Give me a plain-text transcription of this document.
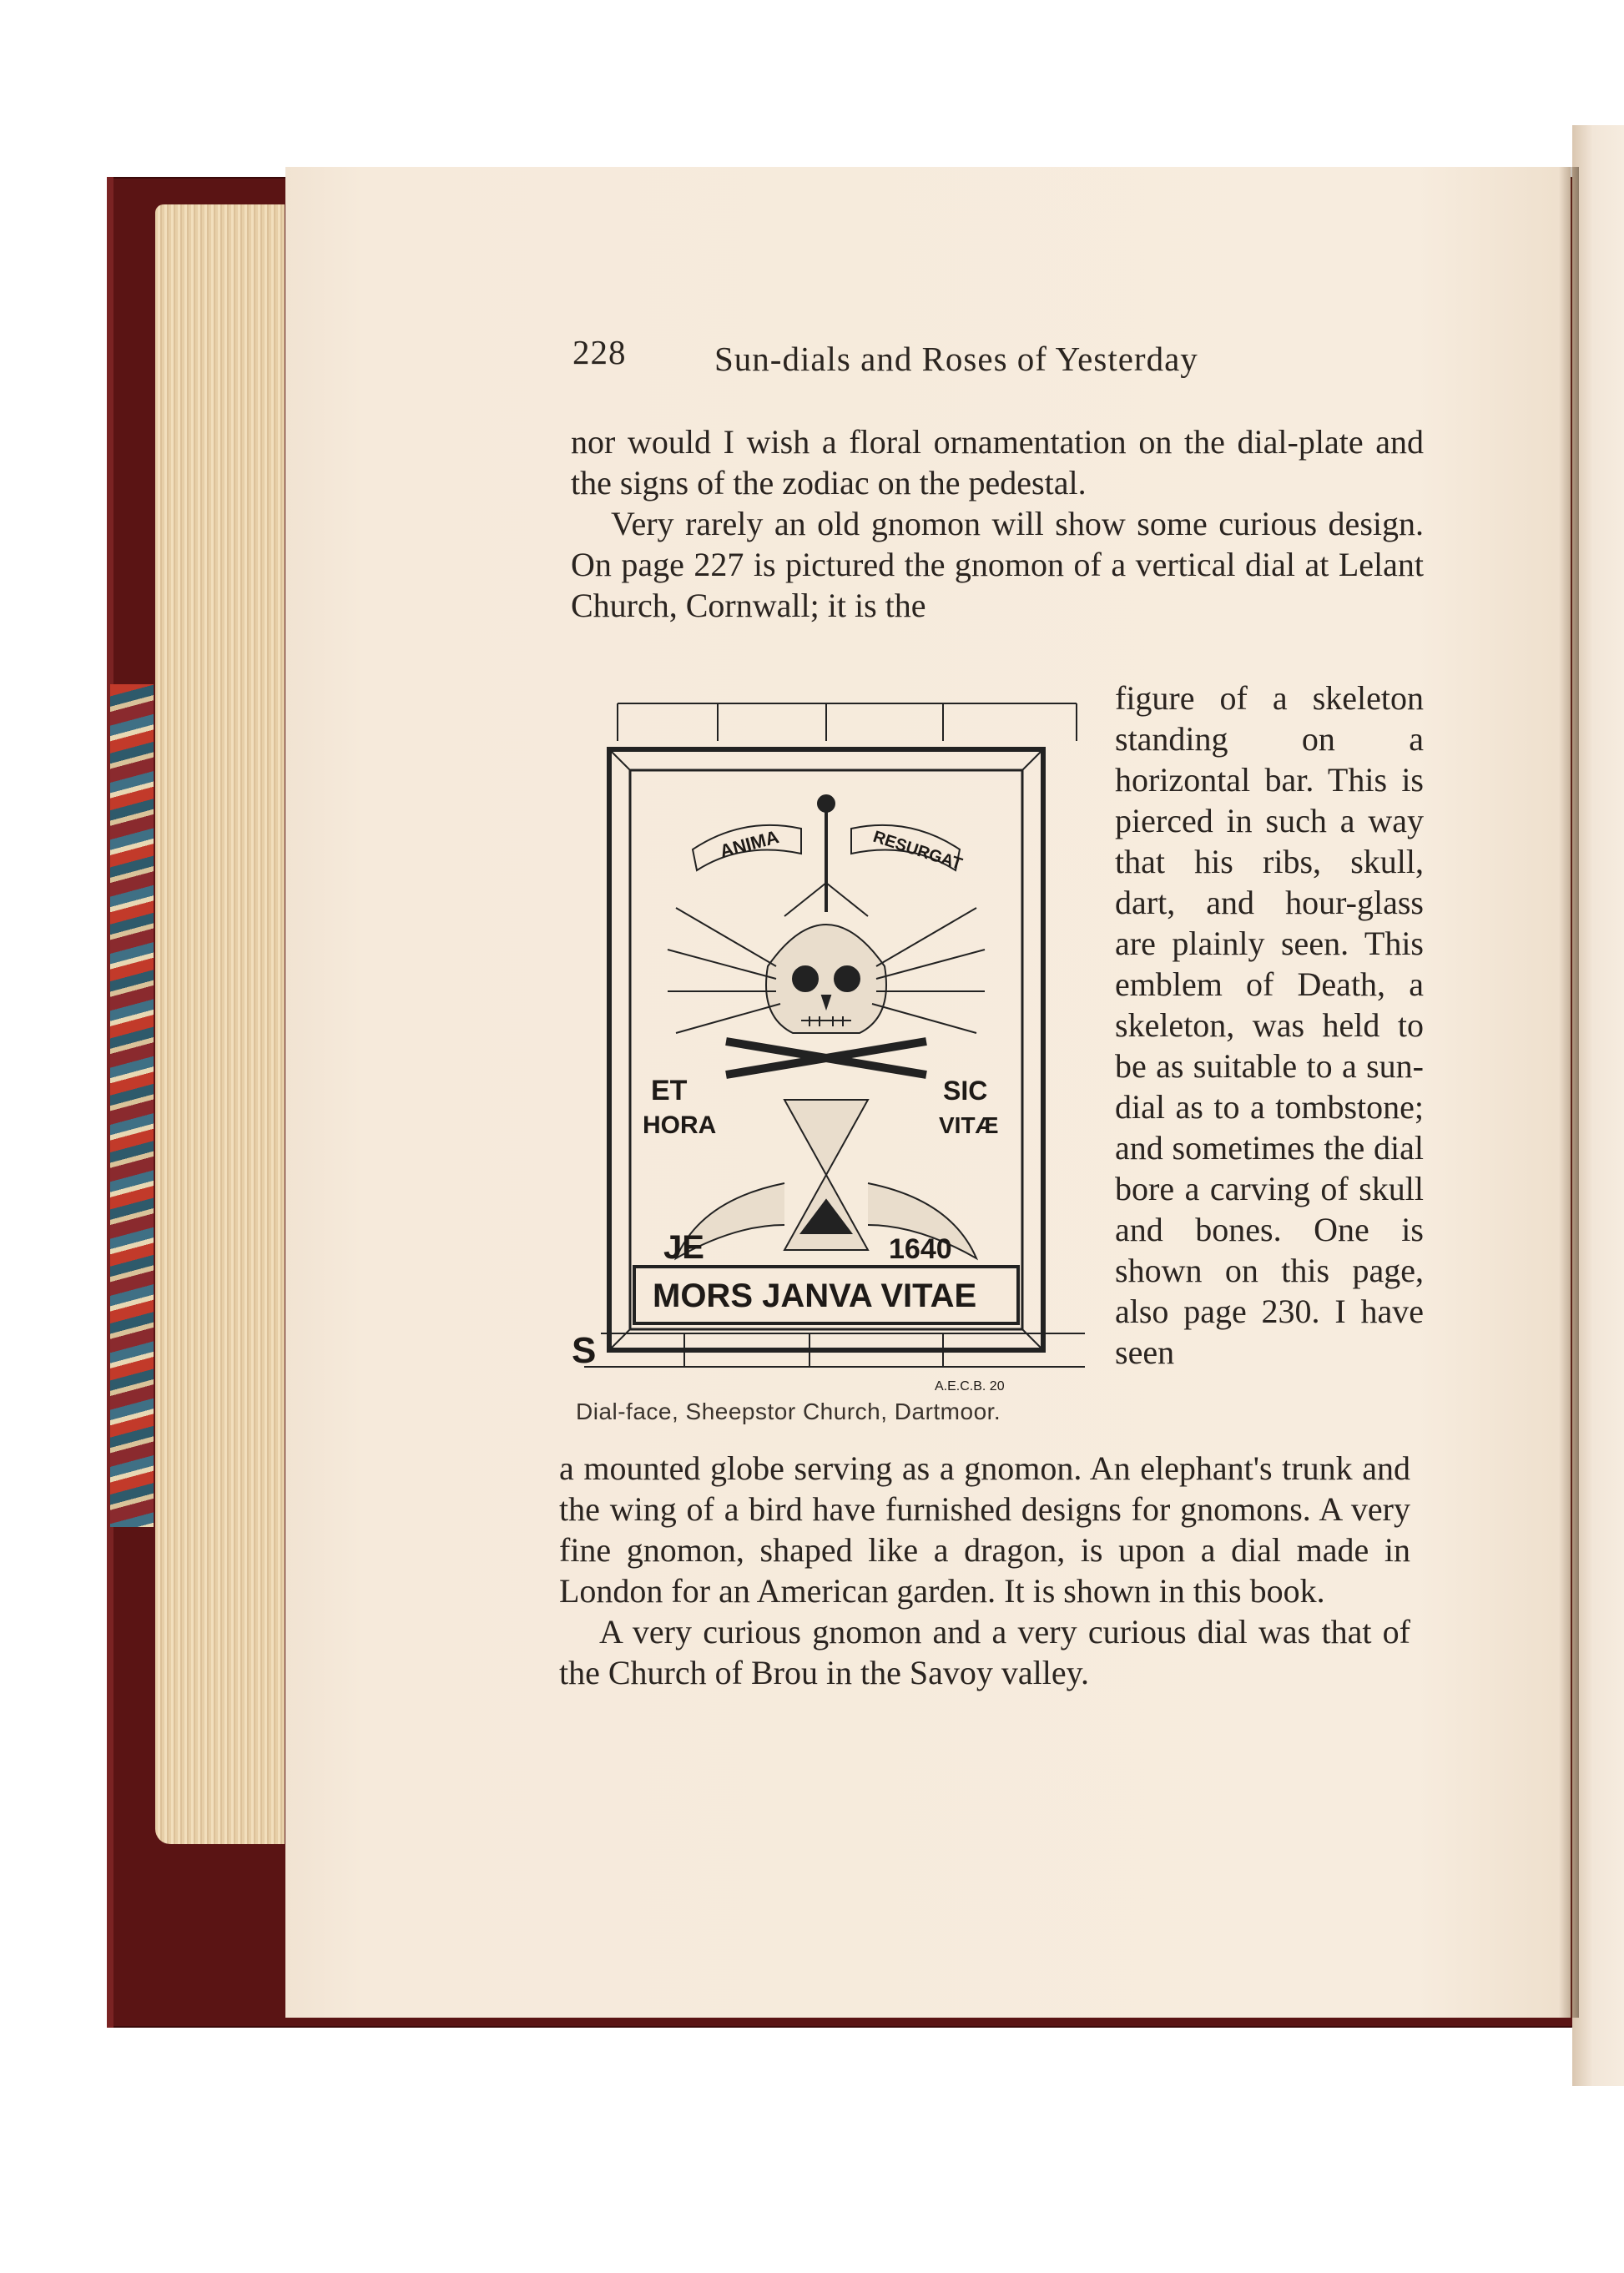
228	Sun-dials and Roses of Yesterday

nor would I wish a floral ornamentation on the dial-plate and the signs of the zodiac on the pedestal.

Very rarely an old gnomon will show some curious design. On page 227 is pictured the gnomon of a vertical dial at Lelant Church, Cornwall; it is the

figure of a skeleton standing on a horizontal bar. This is pierced in such a way that his ribs, skull, dart, and hour-glass are plainly seen. This emblem of Death, a skeleton, was held to be as suitable to a sun-dial as to a tombstone; and sometimes the dial bore a carving of skull and bones. One is shown on this page, also page 230. I have seen

a mounted globe serving as a gnomon. An elephant's trunk and the wing of a bird have furnished designs for gnomons. A very fine gnomon, shaped like a dragon, is upon a dial made in London for an American garden. It is shown in this book.

A very curious gnomon and a very curious dial was that of the Church of Brou in the Savoy valley.

ANIMA	RESURGAT
ET
HORA
SIC
VITÆ
JE	1640
MORS JANVA VITAE
S
A.E.C.B. 20
Dial-face, Sheepstor Church, Dartmoor.
